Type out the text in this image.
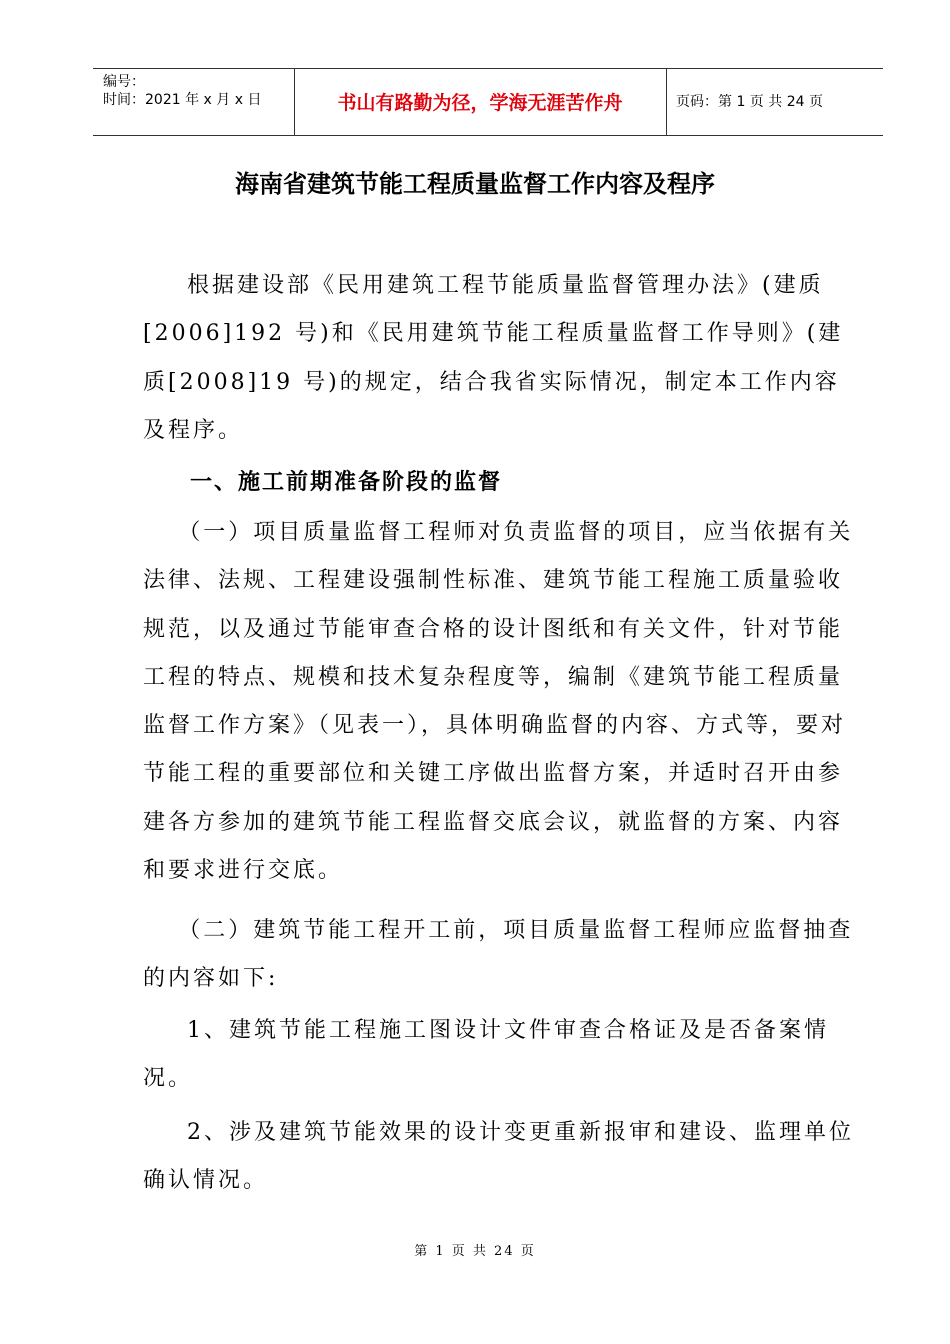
编号：
时间：2021 年 x 月 x 日	书山有路勤为径，学海无涯苦作舟	页码：第 1 页 共 24 页
海南省建筑节能工程质量监督工作内容及程序

根据建设部《民用建筑工程节能质量监督管理办法》(建质[2006]192 号)和《民用建筑节能工程质量监督工作导则》(建质[2008]19 号)的规定，结合我省实际情况，制定本工作内容及程序。

一、施工前期准备阶段的监督

（一）项目质量监督工程师对负责监督的项目，应当依据有关法律、法规、工程建设强制性标准、建筑节能工程施工质量验收规范，以及通过节能审查合格的设计图纸和有关文件，针对节能工程的特点、规模和技术复杂程度等，编制《建筑节能工程质量监督工作方案》（见表一），具体明确监督的内容、方式等，要对节能工程的重要部位和关键工序做出监督方案，并适时召开由参建各方参加的建筑节能工程监督交底会议，就监督的方案、内容和要求进行交底。

（二）建筑节能工程开工前，项目质量监督工程师应监督抽查的内容如下:

1、建筑节能工程施工图设计文件审查合格证及是否备案情况。

2、涉及建筑节能效果的设计变更重新报审和建设、监理单位确认情况。

第 1 页 共 24 页
